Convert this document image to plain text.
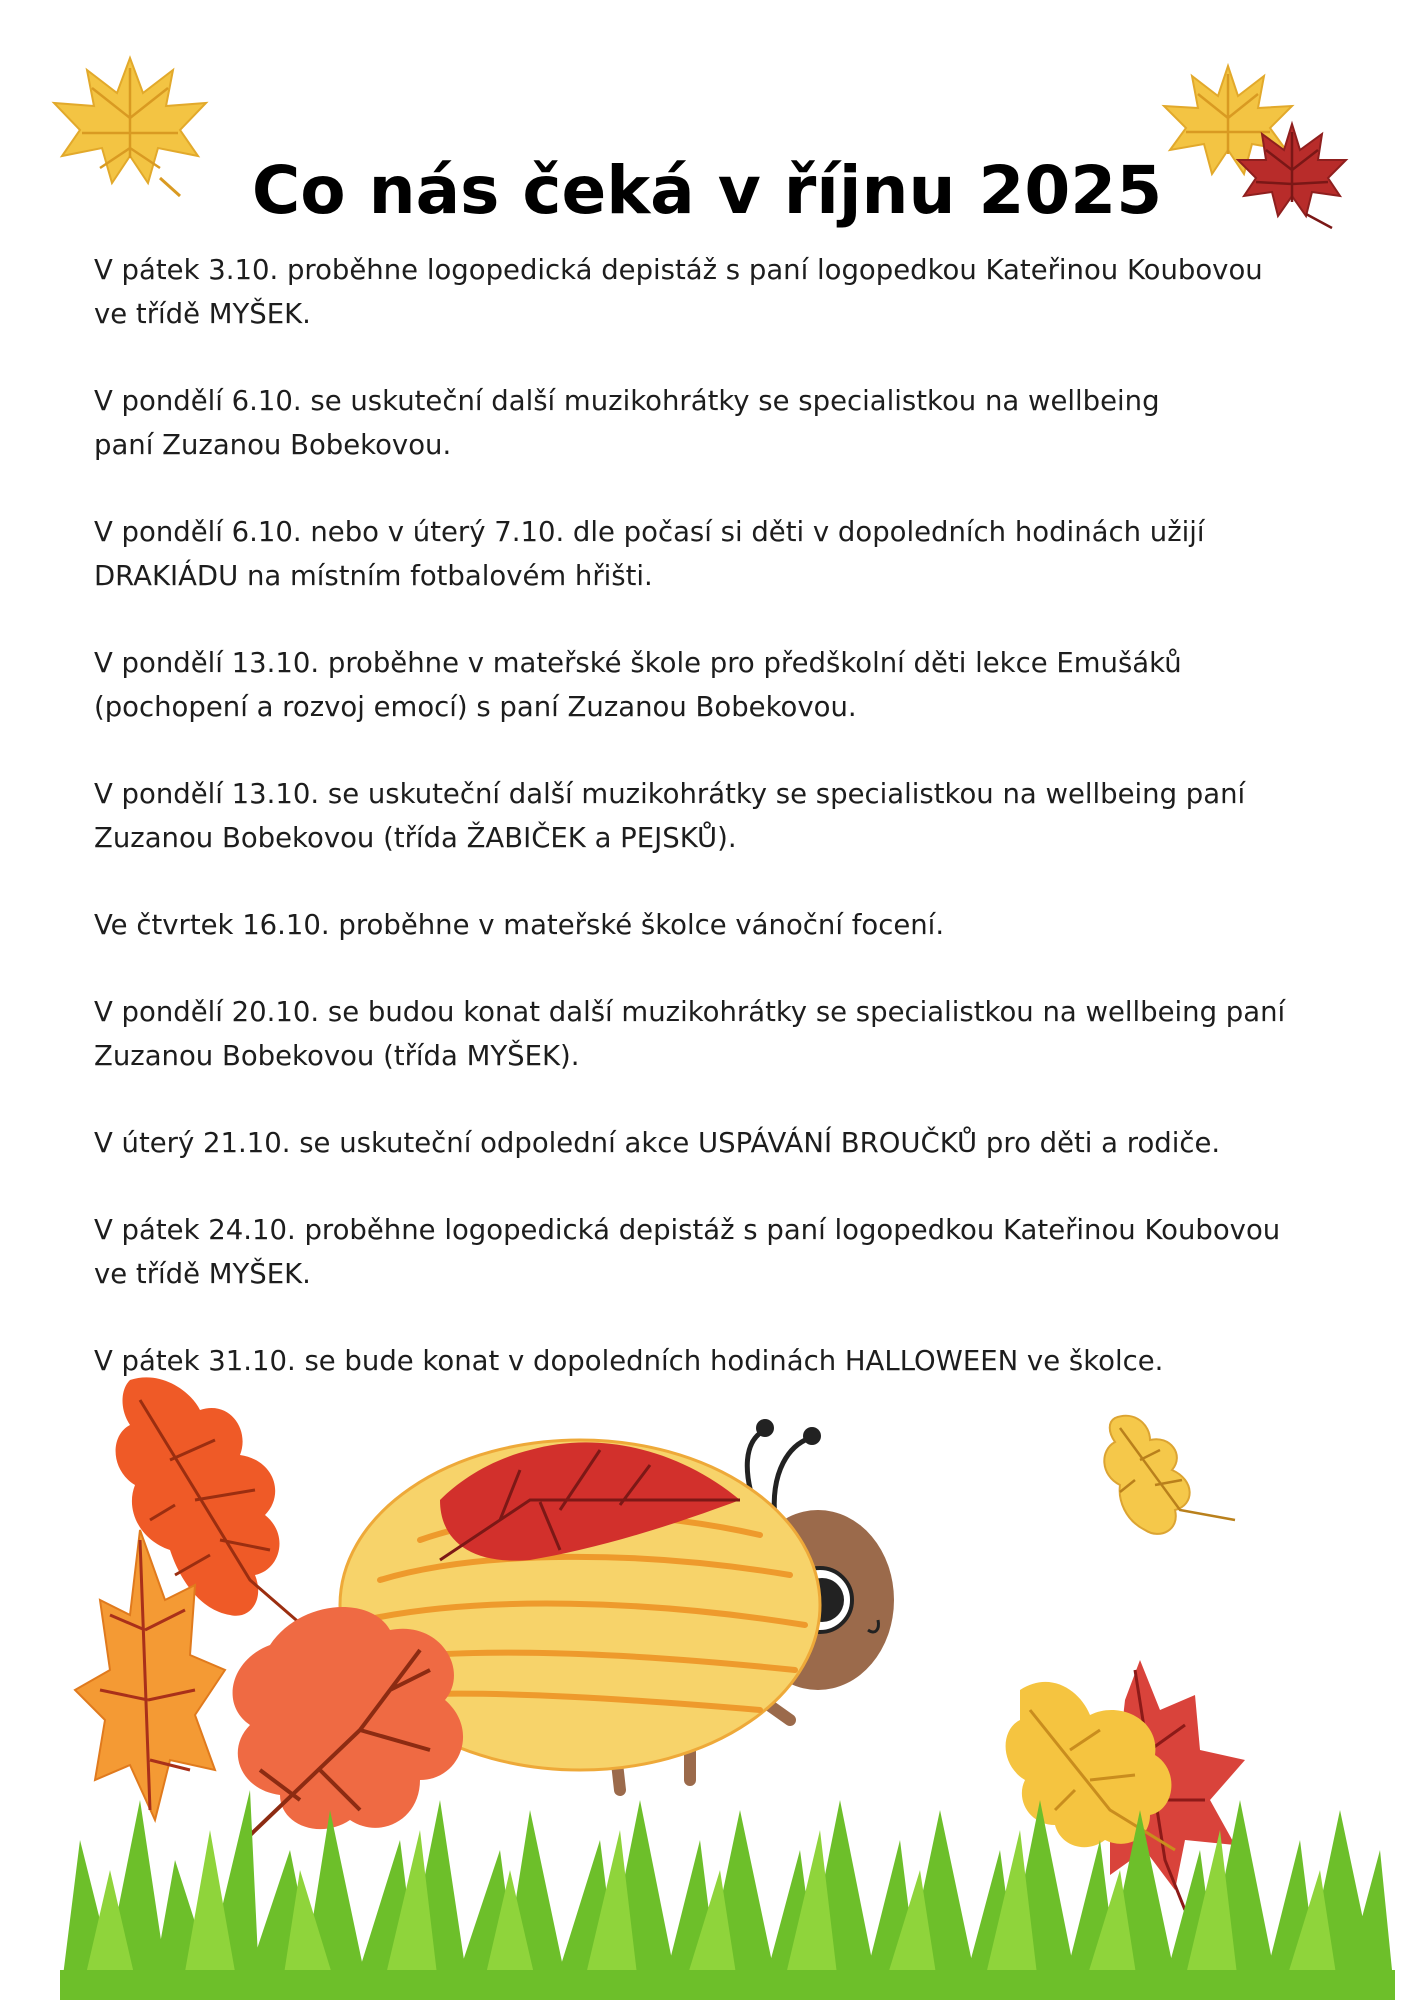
Co nás čeká v říjnu 2025

V pátek 3.10. proběhne logopedická depistáž s paní logopedkou Kateřinou Koubovou
ve třídě MYŠEK.

V pondělí 6.10. se uskuteční další muzikohrátky se specialistkou na wellbeing
paní Zuzanou Bobekovou.

V pondělí 6.10. nebo v úterý 7.10. dle počasí si děti v dopoledních hodinách užijí
DRAKIÁDU na místním fotbalovém hřišti.

V pondělí 13.10. proběhne v mateřské škole pro předškolní děti lekce Emušáků
(pochopení a rozvoj emocí) s paní Zuzanou Bobekovou.

V pondělí 13.10. se uskuteční další muzikohrátky se specialistkou na wellbeing paní
Zuzanou Bobekovou (třída ŽABIČEK a PEJSKŮ).

Ve čtvrtek 16.10. proběhne v mateřské školce vánoční focení.

V pondělí 20.10. se budou konat další muzikohrátky se specialistkou na wellbeing paní
Zuzanou Bobekovou (třída MYŠEK).

V úterý 21.10. se uskuteční odpolední akce USPÁVÁNÍ BROUČKŮ pro děti a rodiče.

V pátek 24.10. proběhne logopedická depistáž s paní logopedkou Kateřinou Koubovou
ve třídě MYŠEK.

V pátek 31.10. se bude konat v dopoledních hodinách HALLOWEEN ve školce.
